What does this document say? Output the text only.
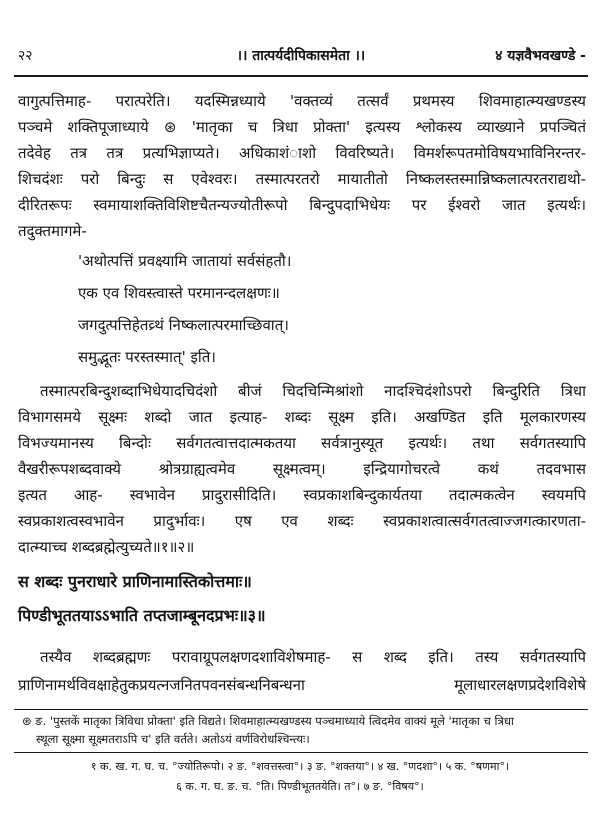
२२	।। तात्पर्यदीपिकासमेता ।।	४ यज्ञवैभवखण्डे -
वागुत्पत्तिमाह- परात्परेति। यदस्मिन्नध्याये 'वक्तव्यं तत्सर्वं प्रथमस्य शिवमाहात्म्यखण्डस्य
पञ्चमे शक्तिपूजाध्याये ⊛ 'मातृका च त्रिधा प्रोक्ता' इत्यस्य श्लोकस्य व्याख्याने प्रपञ्चितं
तदेवेह तत्र तत्र प्रत्यभिज्ञाप्यते। अधिकाशंाशो विवरिष्यते। विमर्शरूपतमोविषयभाविनिरन्तर-
शिचदंशः परो बिन्दुः स एवेश्वरः। तस्मात्परतरो मायातीतो निष्कलस्तस्मान्निष्कलात्परतराद्यथो-
दीरितरूपः स्वमायाशक्तिविशिष्टचैतन्यज्योतीरूपो बिन्दुपदाभिधेयः पर ईश्वरो जात इत्यर्थः।
तदुक्तमागमे-
'अथोत्पत्तिं प्रवक्ष्यामि जातायां सर्वसंहतौ।
एक एव शिवस्त्वास्ते परमानन्दलक्षणः॥
जगदुत्पत्तिहेतव्र्थं निष्कलात्परमाच्छिवात्।
समुद्भूतः परस्तस्मात्' इति।
तस्मात्परबिन्दुशब्दाभिधेयादचिदंशो बीजं चिदचिन्मिश्रांशो नादश्चिदंशोऽपरो बिन्दुरिति त्रिधा
विभागसमये सूक्ष्मः शब्दो जात इत्याह- शब्दः सूक्ष्म इति। अखण्डित इति मूलकारणस्य
विभज्यमानस्य बिन्दोः सर्वगतत्वात्तदात्मकतया सर्वत्रानुस्यूत इत्यर्थः। तथा सर्वगतस्यापि
वैखरीरूपशब्दवाक्ये श्रोत्रग्राह्यत्वमेव सूक्ष्मत्वम्। इन्द्रियागोचरत्वे कथं तदवभास
इत्यत आह- स्वभावेन प्रादुरासीदिति। स्वप्रकाशबिन्दुकार्यतया तदात्मकत्वेन स्वयमपि
स्वप्रकाशत्वस्वभावेन प्रादुर्भावः। एष एव शब्दः स्वप्रकाशत्वात्सर्वगतत्वाज्जगत्कारणता-
दात्म्याच्च शब्दब्रह्मेत्युच्यते॥१॥२॥
स शब्दः पुनराधारे प्राणिनामास्तिकोत्तमाः॥
पिण्डीभूततयाऽऽभाति तप्तजाम्बूनदप्रभः॥३॥
तस्यैव शब्दब्रह्मणः परावाग्रूपलक्षणदशाविशेषमाह- स शब्द इति। तस्य सर्वगतस्यापि
प्राणिनामर्थविवक्षाहेतुकप्रयत्नजनितपवनसंबन्धनिबन्धना	मूलाधारलक्षणप्रदेशविशेषे
⊛ ङ. 'पुस्तकें मातृका त्रिविधा प्रोक्ता' इति विद्यते। शिवमाहात्म्यखण्डस्य पञ्चमाध्याये त्विदमेव वाक्यं मूले 'मातृका च त्रिधा
स्थूला सूक्ष्मा सूक्ष्मतराऽपि च' इति वर्तते। अतोऽयं वर्णविरोधश्चिन्त्यः।
१ क. ख. ग. घ. च. °ज्योतिरूपो। २ ङ. °शवत्तस्त्वा°। ३ ङ. °शक्तया°। ४ ख. °णदशा°। ५ क. °षणमा°।
६ क. ग. घ. ङ. च. °ति। पिण्डीभूततयेति। त°। ७ ङ. °विषय°।
